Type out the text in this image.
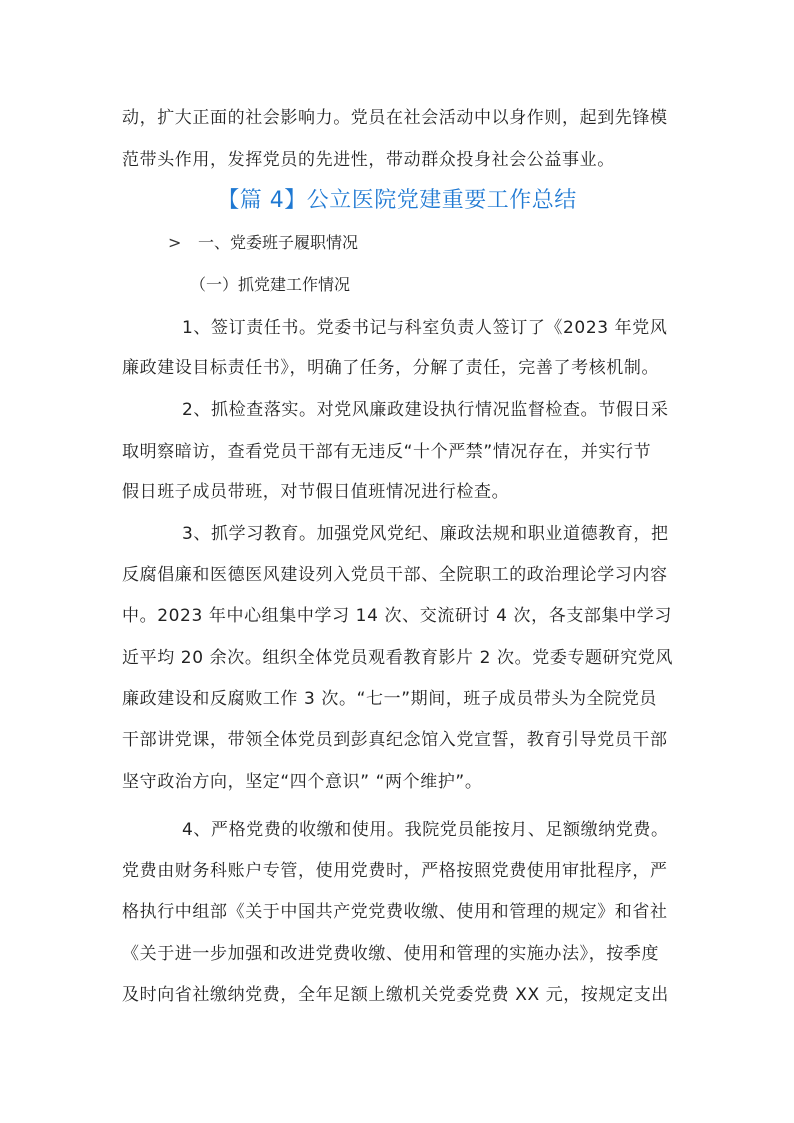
动，扩大正面的社会影响力。党员在社会活动中以身作则，起到先锋模
范带头作用，发挥党员的先进性，带动群众投身社会公益事业。
【篇 4】公立医院党建重要工作总结
> 一、党委班子履职情况
（一）抓党建工作情况
1、签订责任书。党委书记与科室负责人签订了《2023 年党风
廉政建设目标责任书》，明确了任务，分解了责任，完善了考核机制。
2、抓检查落实。对党风廉政建设执行情况监督检查。节假日采
取明察暗访，查看党员干部有无违反“十个严禁”情况存在，并实行节
假日班子成员带班，对节假日值班情况进行检查。
3、抓学习教育。加强党风党纪、廉政法规和职业道德教育，把
反腐倡廉和医德医风建设列入党员干部、全院职工的政治理论学习内容
中。2023 年中心组集中学习 14 次、交流研讨 4 次，各支部集中学习
近平均 20 余次。组织全体党员观看教育影片 2 次。党委专题研究党风
廉政建设和反腐败工作 3 次。“七一”期间，班子成员带头为全院党员
干部讲党课，带领全体党员到彭真纪念馆入党宣誓，教育引导党员干部
坚守政治方向，坚定“四个意识” “两个维护”。
4、严格党费的收缴和使用。我院党员能按月、足额缴纳党费。
党费由财务科账户专管，使用党费时，严格按照党费使用审批程序，严
格执行中组部《关于中国共产党党费收缴、使用和管理的规定》和省社
《关于进一步加强和改进党费收缴、使用和管理的实施办法》，按季度
及时向省社缴纳党费，全年足额上缴机关党委党费 XX 元，按规定支出
